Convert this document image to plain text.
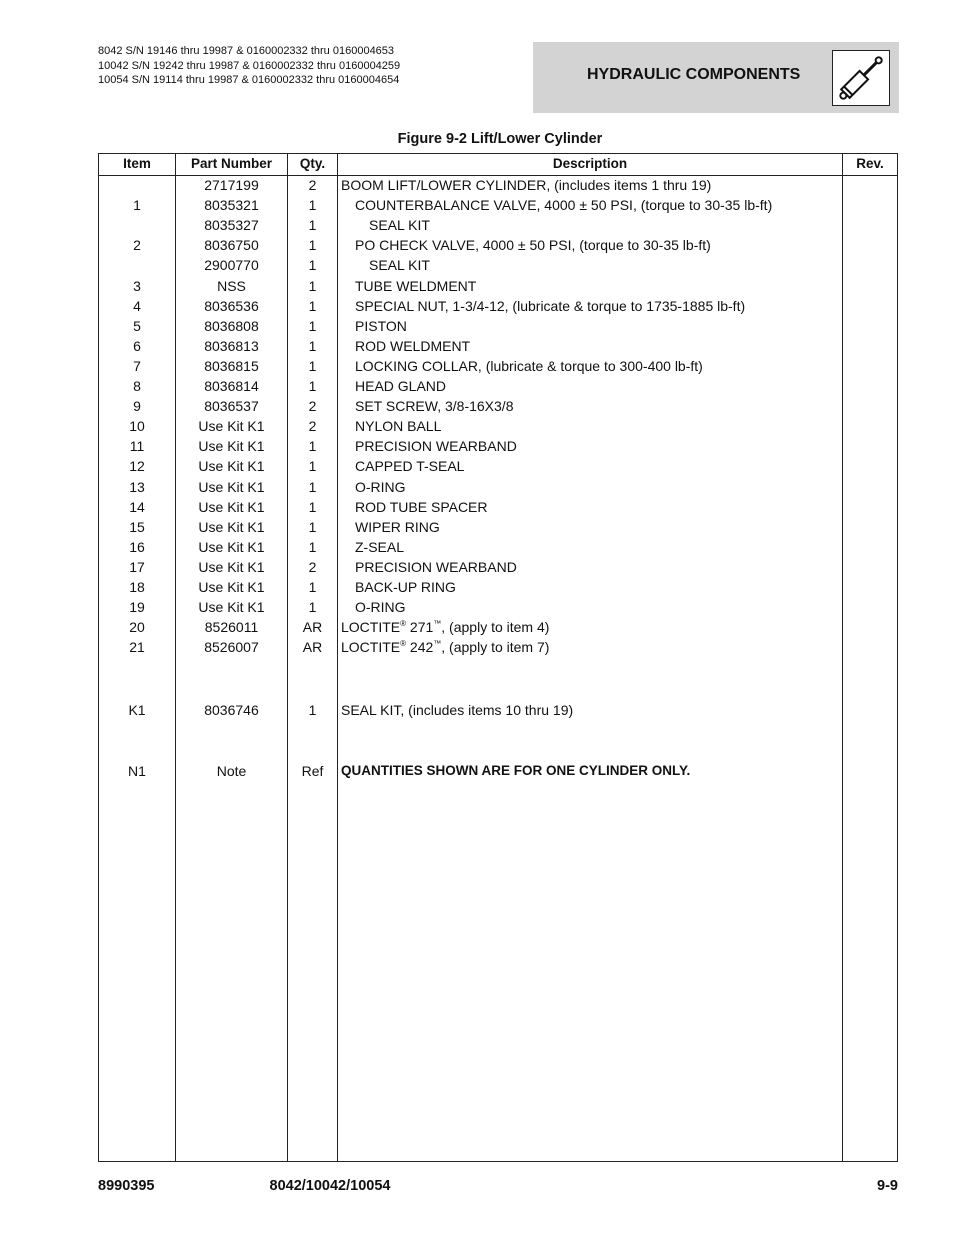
8042 S/N 19146 thru 19987 & 0160002332 thru 0160004653
10042 S/N 19242 thru 19987 & 0160002332 thru 0160004259
10054 S/N 19114 thru 19987 & 0160002332 thru 0160004654	HYDRAULIC COMPONENTS
Figure 9-2 Lift/Lower Cylinder
Item	Part Number	Qty.	Description	Rev.
2717199	2	BOOM LIFT/LOWER CYLINDER, (includes items 1 thru 19)
1	8035321	1	COUNTERBALANCE VALVE, 4000 ± 50 PSI, (torque to 30-35 lb-ft)
8035327	1	SEAL KIT
2	8036750	1	PO CHECK VALVE, 4000 ± 50 PSI, (torque to 30-35 lb-ft)
2900770	1	SEAL KIT
3	NSS	1	TUBE WELDMENT
4	8036536	1	SPECIAL NUT, 1-3/4-12, (lubricate & torque to 1735-1885 lb-ft)
5	8036808	1	PISTON
6	8036813	1	ROD WELDMENT
7	8036815	1	LOCKING COLLAR, (lubricate & torque to 300-400 lb-ft)
8	8036814	1	HEAD GLAND
9	8036537	2	SET SCREW, 3/8-16X3/8
10	Use Kit K1	2	NYLON BALL
11	Use Kit K1	1	PRECISION WEARBAND
12	Use Kit K1	1	CAPPED T-SEAL
13	Use Kit K1	1	O-RING
14	Use Kit K1	1	ROD TUBE SPACER
15	Use Kit K1	1	WIPER RING
16	Use Kit K1	1	Z-SEAL
17	Use Kit K1	2	PRECISION WEARBAND
18	Use Kit K1	1	BACK-UP RING
19	Use Kit K1	1	O-RING
20	8526011	AR	LOCTITE® 271™, (apply to item 4)
21	8526007	AR	LOCTITE® 242™, (apply to item 7)
K1	8036746	1	SEAL KIT, (includes items 10 thru 19)
N1	Note	Ref	QUANTITIES SHOWN ARE FOR ONE CYLINDER ONLY.
8990395	8042/10042/10054	9-9
